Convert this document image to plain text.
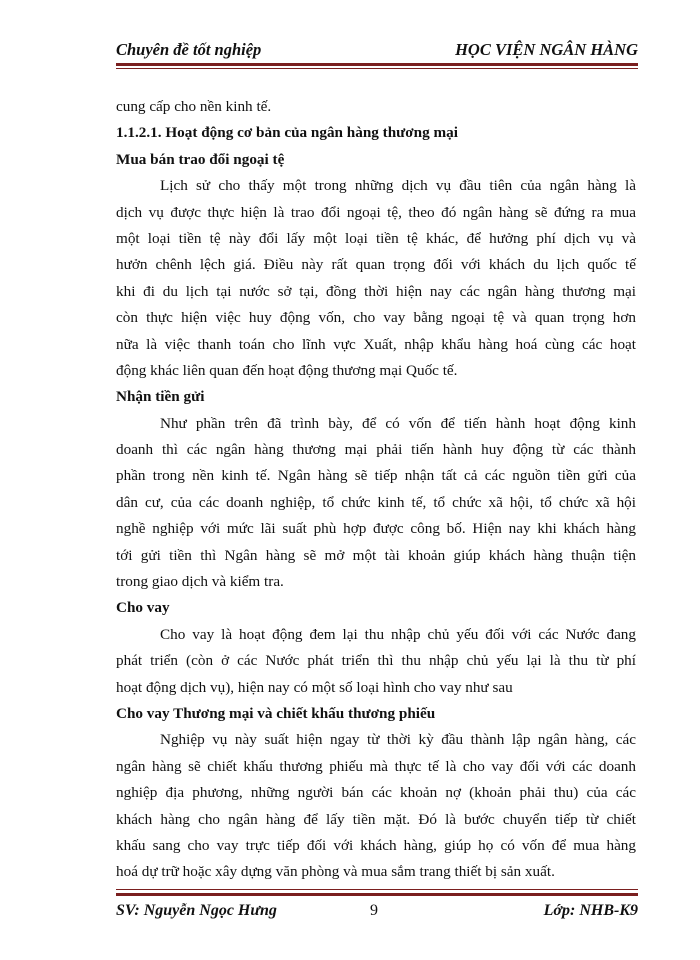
Chuyên đề tốt nghiệp	HỌC VIỆN NGÂN HÀNG
cung cấp cho nền kinh tế.
1.1.2.1. Hoạt động cơ bản của ngân hàng thương mại
Mua bán trao đổi ngoại tệ
Lịch sử cho thấy một trong những dịch vụ đầu tiên của ngân hàng là
dịch vụ được thực hiện là trao đổi ngoại tệ, theo đó ngân hàng sẽ đứng ra mua
một loại tiền tệ này đổi lấy một loại tiền tệ khác, để hưởng phí dịch vụ và
hưởn chênh lệch giá. Điều này rất quan trọng đối với khách du lịch quốc tế
khi đi du lịch tại nước sở tại, đồng thời hiện nay các ngân hàng thương mại
còn thực hiện việc huy động vốn, cho vay bằng ngoại tệ và quan trọng hơn
nữa là việc thanh toán cho lĩnh vực Xuất, nhập khẩu hàng hoá cùng các hoạt
động khác liên quan đến hoạt động thương mại Quốc tế.
Nhận tiền gửi
Như phần trên đã trình bày, để có vốn để tiến hành hoạt động kinh
doanh thì các ngân hàng thương mại phải tiến hành huy động từ các thành
phần trong nền kinh tế. Ngân hàng sẽ tiếp nhận tất cả các nguồn tiền gửi của
dân cư, của các doanh nghiệp, tổ chức kinh tế, tổ chức xã hội, tổ chức xã hội
nghề nghiệp với mức lãi suất phù hợp được công bố. Hiện nay khi khách hàng
tới gửi tiền thì Ngân hàng sẽ mở một tài khoản giúp khách hàng thuận tiện
trong giao dịch và kiểm tra.
Cho vay
Cho vay là hoạt động đem lại thu nhập chủ yếu đối với các Nước đang
phát triển (còn ở các Nước phát triển thì thu nhập chủ yếu lại là thu từ phí
hoạt động dịch vụ), hiện nay có một số loại hình cho vay như sau
Cho vay Thương mại và chiết khấu thương phiếu
Nghiệp vụ này suất hiện ngay từ thời kỳ đầu thành lập ngân hàng, các
ngân hàng sẽ chiết khấu thương phiếu mà thực tế là cho vay đối với các doanh
nghiệp địa phương, những người bán các khoản nợ (khoản phải thu) của các
khách hàng cho ngân hàng để lấy tiền mặt. Đó là bước chuyển tiếp từ chiết
khấu sang cho vay trực tiếp đối với khách hàng, giúp họ có vốn để mua hàng
hoá dự trữ hoặc xây dựng văn phòng và mua sắm trang thiết bị sản xuất.
SV: Nguyễn Ngọc Hưng	9	Lớp: NHB-K9
